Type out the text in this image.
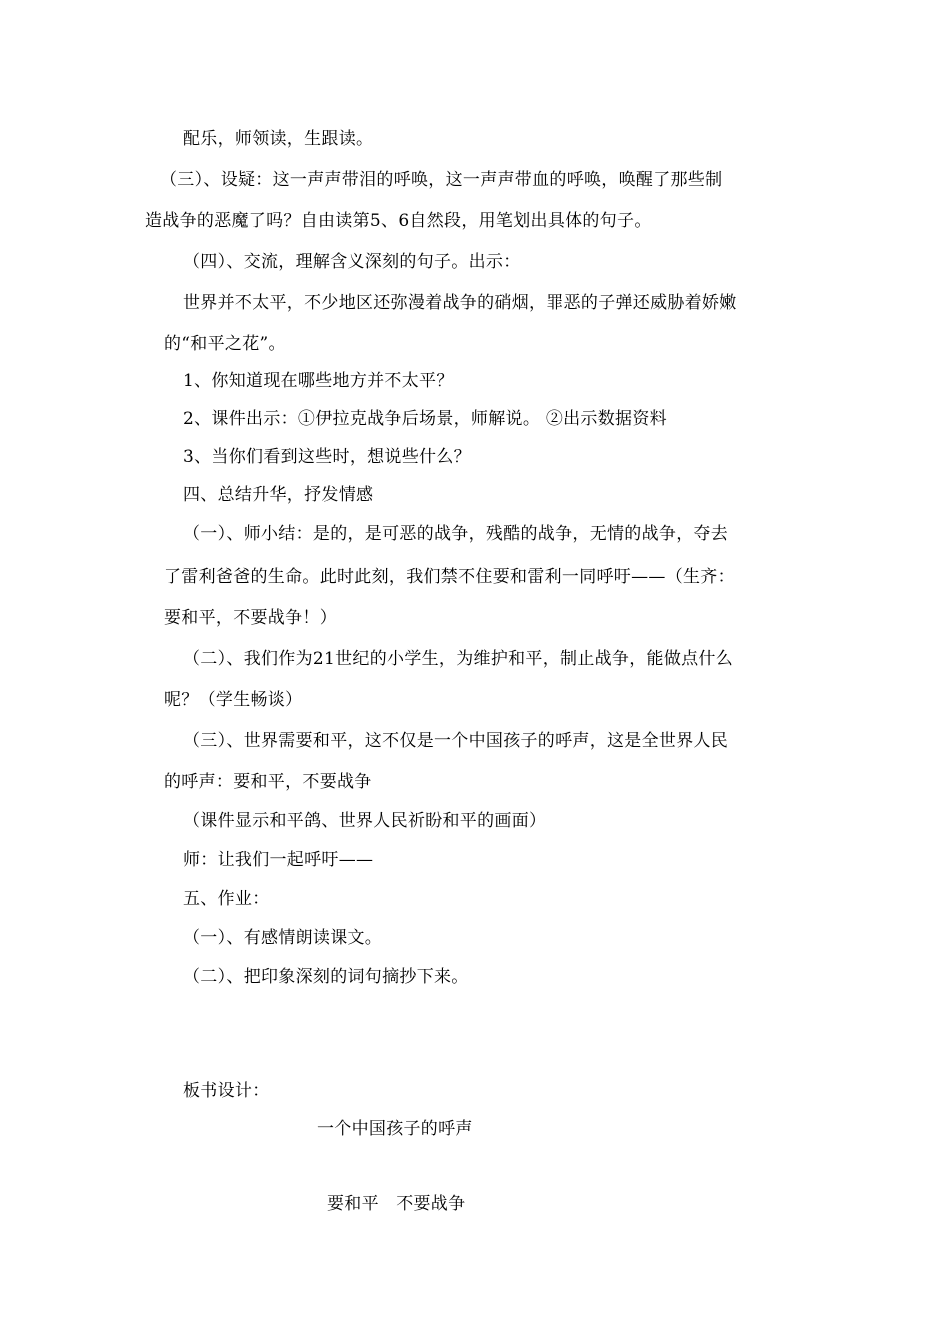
配乐，师领读，生跟读。
（三）、设疑：这一声声带泪的呼唤，这一声声带血的呼唤，唤醒了那些制
造战争的恶魔了吗？自由读第5、6自然段，用笔划出具体的句子。
（四）、交流，理解含义深刻的句子。出示：
世界并不太平，不少地区还弥漫着战争的硝烟，罪恶的子弹还威胁着娇嫩
的“和平之花”。
1、你知道现在哪些地方并不太平？
2、课件出示：①伊拉克战争后场景，师解说。 ②出示数据资料
3、当你们看到这些时，想说些什么？
四、总结升华，抒发情感
（一）、师小结：是的，是可恶的战争，残酷的战争，无情的战争，夺去
了雷利爸爸的生命。此时此刻，我们禁不住要和雷利一同呼吁——（生齐：
要和平，不要战争！）
（二）、我们作为21世纪的小学生，为维护和平，制止战争，能做点什么
呢？（学生畅谈）
（三）、世界需要和平，这不仅是一个中国孩子的呼声，这是全世界人民
的呼声：要和平，不要战争
（课件显示和平鸽、世界人民祈盼和平的画面）
师：让我们一起呼吁——
五、作业：
（一）、有感情朗读课文。
（二）、把印象深刻的词句摘抄下来。
板书设计：
一个中国孩子的呼声
要和平　不要战争
